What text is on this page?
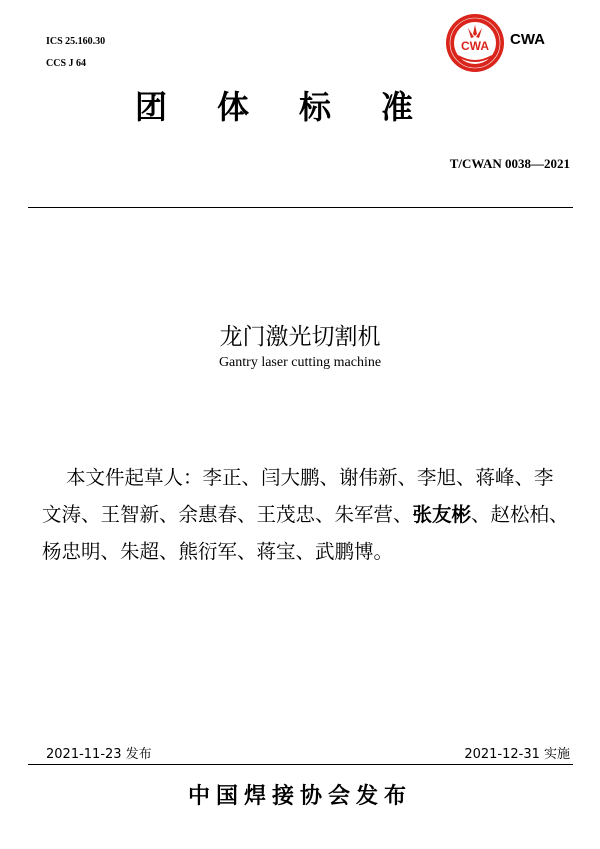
ICS 25.160.30
CCS J 64
CWA CWA
团体标准
T/CWAN 0038—2021
龙门激光切割机
Gantry laser cutting machine
本文件起草人：李正、闫大鹏、谢伟新、李旭、蒋峰、李文涛、王智新、余惠春、王茂忠、朱军营、张友彬、赵松柏、杨忠明、朱超、熊衍军、蒋宝、武鹏博。
2021-11-23 发布	2021-12-31 实施
中国焊接协会发布
